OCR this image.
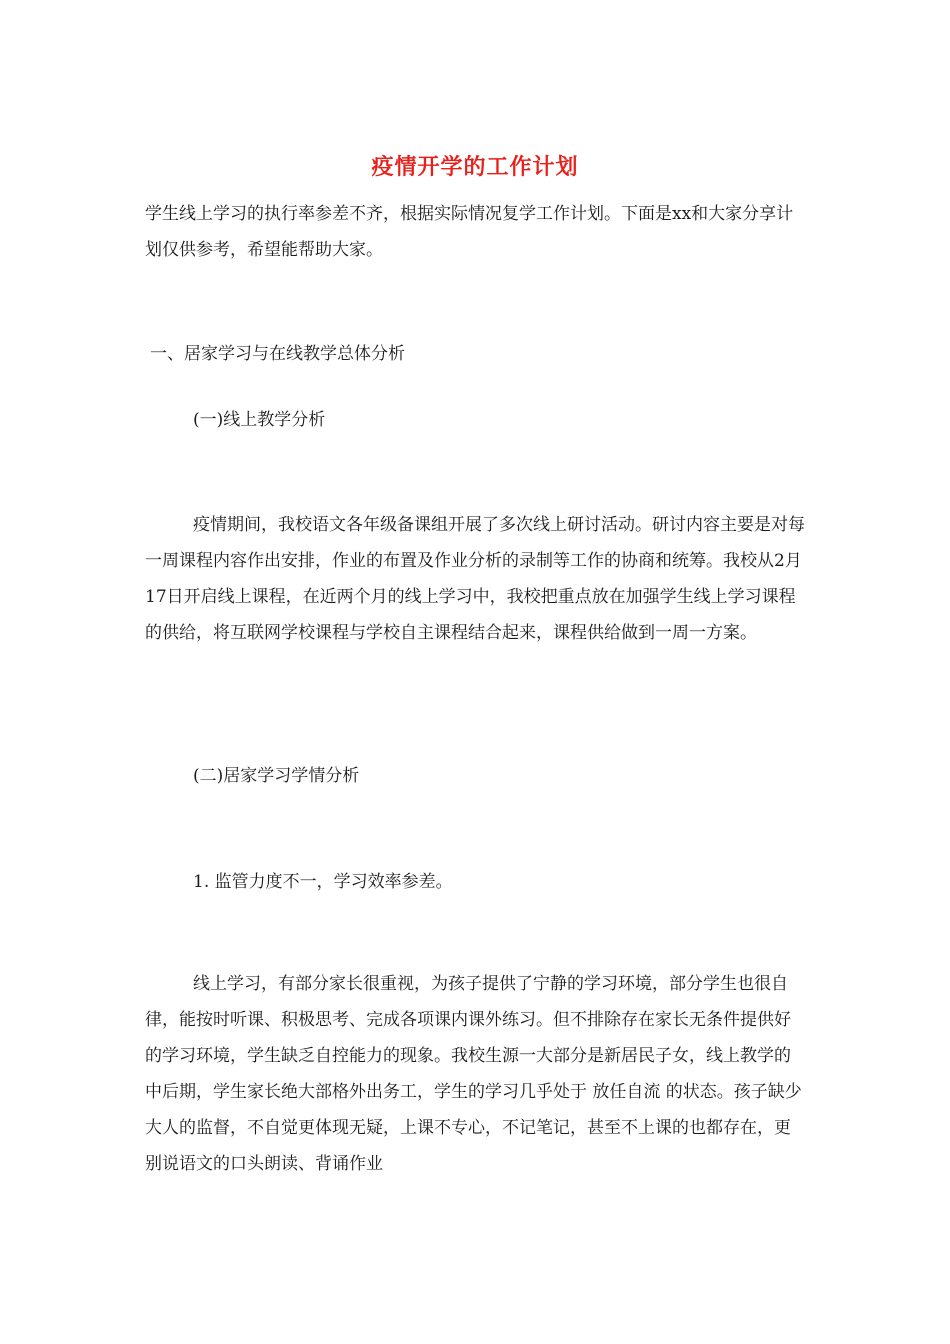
疫情开学的工作计划

学生线上学习的执行率参差不齐，根据实际情况复学工作计划。下面是xx和大家分享计划仅供参考，希望能帮助大家。

一、居家学习与在线教学总体分析

(一)线上教学分析

疫情期间，我校语文各年级备课组开展了多次线上研讨活动。研讨内容主要是对每一周课程内容作出安排，作业的布置及作业分析的录制等工作的协商和统筹。我校从2月17日开启线上课程，在近两个月的线上学习中，我校把重点放在加强学生线上学习课程的供给，将互联网学校课程与学校自主课程结合起来，课程供给做到一周一方案。

(二)居家学习学情分析

1. 监管力度不一，学习效率参差。

线上学习，有部分家长很重视，为孩子提供了宁静的学习环境，部分学生也很自律，能按时听课、积极思考、完成各项课内课外练习。但不排除存在家长无条件提供好的学习环境，学生缺乏自控能力的现象。我校生源一大部分是新居民子女，线上教学的中后期，学生家长绝大部格外出务工，学生的学习几乎处于 放任自流 的状态。孩子缺少大人的监督，不自觉更体现无疑，上课不专心，不记笔记，甚至不上课的也都存在，更别说语文的口头朗读、背诵作业
